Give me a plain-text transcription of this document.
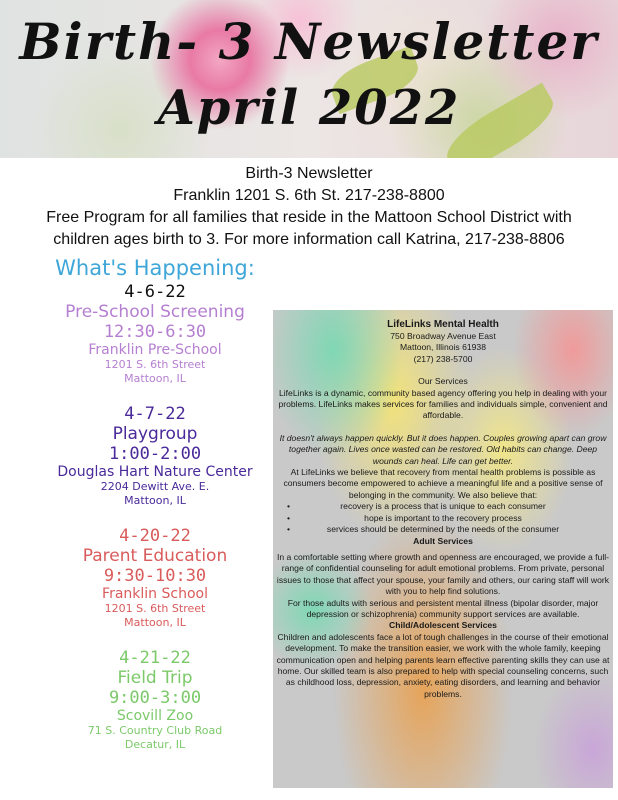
Birth- 3 Newsletter
April 2022
Birth-3 Newsletter
Franklin 1201 S. 6th St. 217-238-8800
Free Program for all families that reside in the Mattoon School District with
children ages birth to 3. For more information call Katrina, 217-238-8806
What's Happening:
4-6-22
Pre-School Screening
12:30-6:30
Franklin Pre-School
1201 S. 6th Street
Mattoon, IL
4-7-22
Playgroup
1:00-2:00
Douglas Hart Nature Center
2204 Dewitt Ave. E.
Mattoon, IL
4-20-22
Parent Education
9:30-10:30
Franklin School
1201 S. 6th Street
Mattoon, IL
4-21-22
Field Trip
9:00-3:00
Scovill Zoo
71 S. Country Club Road
Decatur, IL
LifeLinks Mental Health
750 Broadway Avenue East
Mattoon, Illinois 61938
(217) 238-5700
Our Services
LifeLinks is a dynamic, community based agency offering you help in dealing with your problems. LifeLinks makes services for families and individuals simple, convenient and affordable.
It doesn't always happen quickly. But it does happen. Couples growing apart can grow together again. Lives once wasted can be restored. Old habits can change. Deep wounds can heal. Life can get better.
At LifeLinks we believe that recovery from mental health problems is possible as consumers become empowered to achieve a meaningful life and a positive sense of belonging in the community. We also believe that:
• recovery is a process that is unique to each consumer
• hope is important to the recovery process
• services should be determined by the needs of the consumer
Adult Services
In a comfortable setting where growth and openness are encouraged, we provide a full-range of confidential counseling for adult emotional problems. From private, personal issues to those that affect your spouse, your family and others, our caring staff will work with you to help find solutions.
For those adults with serious and persistent mental illness (bipolar disorder, major depression or schizophrenia) community support services are available.
Child/Adolescent Services
Children and adolescents face a lot of tough challenges in the course of their emotional development. To make the transition easier, we work with the whole family, keeping communication open and helping parents learn effective parenting skills they can use at home. Our skilled team is also prepared to help with special counseling concerns, such as childhood loss, depression, anxiety, eating disorders, and learning and behavior problems.
